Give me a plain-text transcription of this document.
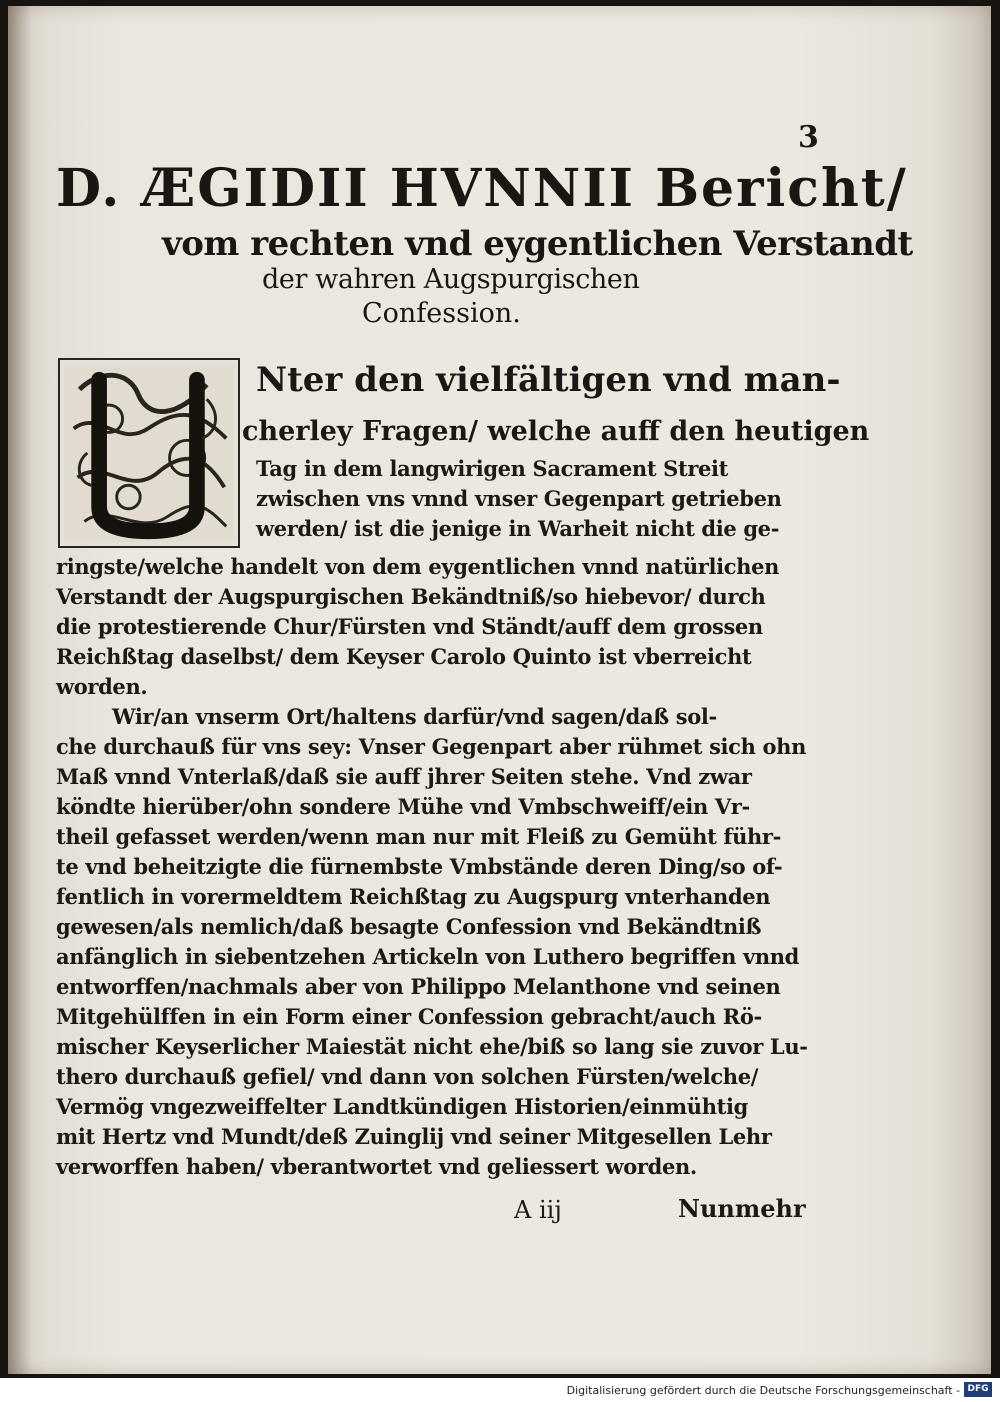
3
D. ÆGIDII HVNNII Bericht/
vom rechten vnd eygentlichen Verstandt
der wahren Augspurgischen
Confession.
Nter den vielfältigen vnd man-
cherley Fragen/ welche auff den heutigen
Tag in dem langwirigen Sacrament Streit
zwischen vns vnnd vnser Gegenpart getrieben
werden/ ist die jenige in Warheit nicht die ge-
ringste/welche handelt von dem eygentlichen vnnd natürlichen
Verstandt der Augspurgischen Bekändtniß/so hiebevor/ durch
die protestierende Chur/Fürsten vnd Ständt/auff dem grossen
Reichßtag daselbst/ dem Keyser Carolo Quinto ist vberreicht
worden.
Wir/an vnserm Ort/haltens darfür/vnd sagen/daß sol-
che durchauß für vns sey: Vnser Gegenpart aber rühmet sich ohn
Maß vnnd Vnterlaß/daß sie auff jhrer Seiten stehe. Vnd zwar
köndte hierüber/ohn sondere Mühe vnd Vmbschweiff/ein Vr-
theil gefasset werden/wenn man nur mit Fleiß zu Gemüht führ-
te vnd beheitzigte die fürnembste Vmbstände deren Ding/so of-
fentlich in vorermeldtem Reichßtag zu Augspurg vnterhanden
gewesen/als nemlich/daß besagte Confession vnd Bekändtniß
anfänglich in siebentzehen Artickeln von Luthero begriffen vnnd
entworffen/nachmals aber von Philippo Melanthone vnd seinen
Mitgehülffen in ein Form einer Confession gebracht/auch Rö-
mischer Keyserlicher Maiestät nicht ehe/biß so lang sie zuvor Lu-
thero durchauß gefiel/ vnd dann von solchen Fürsten/welche/
Vermög vngezweiffelter Landtkündigen Historien/einmühtig
mit Hertz vnd Mundt/deß Zuinglij vnd seiner Mitgesellen Lehr
verworffen haben/ vberantwortet vnd geliessert worden.
A iij	Nunmehr
Digitalisierung gefördert durch die Deutsche Forschungsgemeinschaft - DFG
